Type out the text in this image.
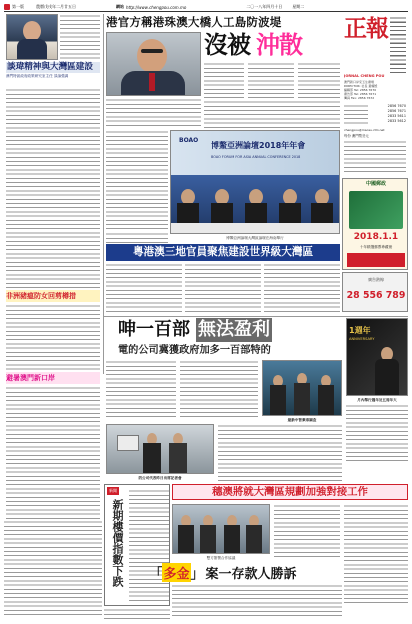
第一版	農曆戊戌年二月廿五日	網站 http://www.chengpou.com.mo	二〇一八年四月十日	星期二
談瑋精神與大灣區建設
澳門特區政府政策研究室主任 談論強調
非洲豬瘟防女回剪樽措
避暑澳門新口岸
港官方稱港珠澳大橋人工島防波堤
沒被 沖散
正報
JORNAL CHENG POU
澳門新口岸宋玉生廣場
DIRECTOR: 社長 黃耀殷
編輯部 Tel: 2856 7670
廣告部 Tel: 2856 7671
傳真 Fax: 2856 7672
2856 7670
2856 7671
2833 5611
2833 5612
chengpou@macau.ctm.net
每份 澳門幣叁元
BOAO
博鰲亞洲論壇2018年年會
BOAO FORUM FOR ASIA ANNUAL CONFERENCE 2018
博鰲亞洲論壇大灣區論壇在海南舉行
粵港澳三地官員聚焦建設世界級大灣區
中國郵政
2018.1.1
十年精選郵票珍藏冊
廣告熱線
28 556 789
呻一百部 無法盈利
電的公司冀獲政府加多一百部特的
1週年
ANNIVERSARY
月內舉行週年及五周年大
最新中智乘車調查
的公司代表昨日出席記者會
新聞
新期樓價指數下跌
穗澳將就大灣區規劃加強對接工作
雙方簽署合作協議
「 多金 」 案一存款人勝訴
